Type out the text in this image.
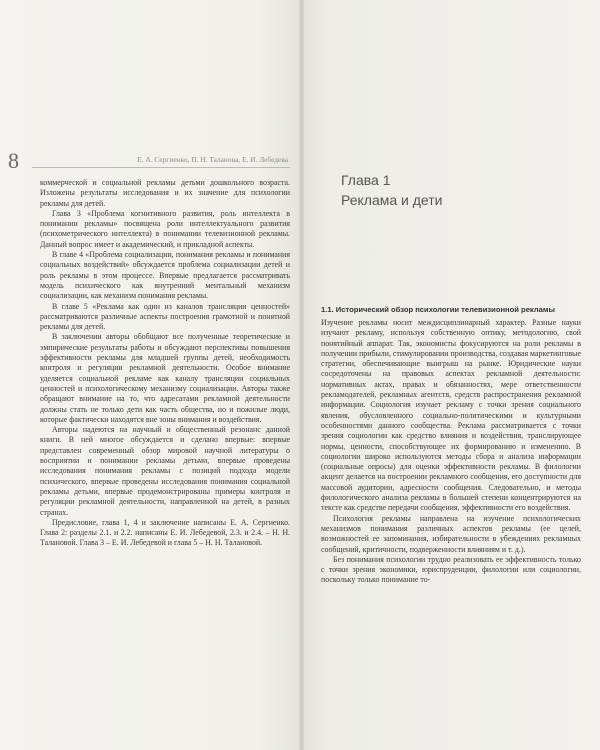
8	Е. А. Сергиенко, П. Н. Таланова, Е. И. Лебедева

коммерческой и социальной рекламы детьми дошкольного возраста. Изложены результаты исследования и их значение для психологии рекламы для детей.

Глава 3 «Проблема когнитивного развития, роль интеллекта в понимании рекламы» посвящена роли интеллектуального развития (психометрического интеллекта) в понимании телевизионной рекламы. Данный вопрос имеет и академический, и прикладной аспекты.

В главе 4 «Проблема социализации, понимания рекламы и понимания социальных воздействий» обсуждается проблема социализации детей и роль рекламы в этом процессе. Впервые предлагается рассматривать модель психического как внутренний ментальный механизм социализации, как механизм понимания рекламы.

В главе 5 «Реклама как один из каналов трансляции ценностей» рассматриваются различные аспекты построения грамотной и понятной рекламы для детей.

В заключении авторы обобщают все полученные теоретические и эмпирические результаты работы и обсуждают перспективы повышения эффективности рекламы для младшей группы детей, необходимость контроля и регуляции рекламной деятельности. Особое внимание уделяется социальной рекламе как каналу трансляции социальных ценностей и психологическому механизму социализации. Авторы также обращают внимание на то, что адресатами рекламной деятельности должны стать не только дети как часть общества, но и пожилые люди, которые фактически находятся вне зоны внимания и воздействия.

Авторы надеются на научный и общественный резонанс данной книги. В ней многое обсуждается и сделано впервые: впервые представлен современный обзор мировой научной литературы о восприятии и понимании рекламы детьми, впервые проведены исследования понимания рекламы с позиций подхода модели психического, впервые проведены исследования понимания социальной рекламы детьми, впервые продемонстрированы примеры контроля и регуляции рекламной деятельности, направленной на детей, в разных странах.

Предисловие, глава 1, 4 и заключение написаны Е. А. Сергиенко. Глава 2: разделы 2.1. и 2.2. написаны Е. И. Лебедевой, 2.3. и 2.4. – Н. Н. Талановой. Глава 3 – Е. И. Лебедевой и глава 5 – Н. Н. Талановой.

Глава 1
Реклама и дети
1.1. Исторический обзор психологии телевизионной рекламы

Изучение рекламы носит междисциплинарный характер. Разные науки изучают рекламу, используя собственную оптику, методологию, свой понятийный аппарат. Так, экономисты фокусируются на роли рекламы в получении прибыли, стимулировании производства, создавая маркетинговые стратегии, обеспечивающие выигрыш на рынке. Юридические науки сосредоточены на правовых аспектах рекламной деятельности: нормативных актах, правах и обязанностях, мере ответственности рекламодателей, рекламных агентств, средств распространения рекламной информации. Социология изучает рекламу с точки зрения социального явления, обусловленного социально-политическими и культурными особенностями данного сообщества. Реклама рассматривается с точки зрения социологии как средство влияния и воздействия, транслирующее нормы, ценности, способствующее их формированию и изменению. В социологии широко используются методы сбора и анализа информации (социальные опросы) для оценки эффективности рекламы. В филологии акцент делается на построении рекламного сообщения, его доступности для массовой аудитории, адресности сообщения. Следовательно, и методы филологического анализа рекламы в большей степени концентрируются на тексте как средстве передачи сообщения, эффективности его воздействия.

Психология рекламы направлена на изучение психологических механизмов понимания различных аспектов рекламы (ее целей, возможностей ее запоминания, избирательности в убеждениях рекламных сообщений, критичности, подверженности влияниям и т. д.).

Без понимания психологии трудно реализовать ее эффективность только с точки зрения экономики, юриспруденции, филологии или социологии, поскольку только понимание то-
